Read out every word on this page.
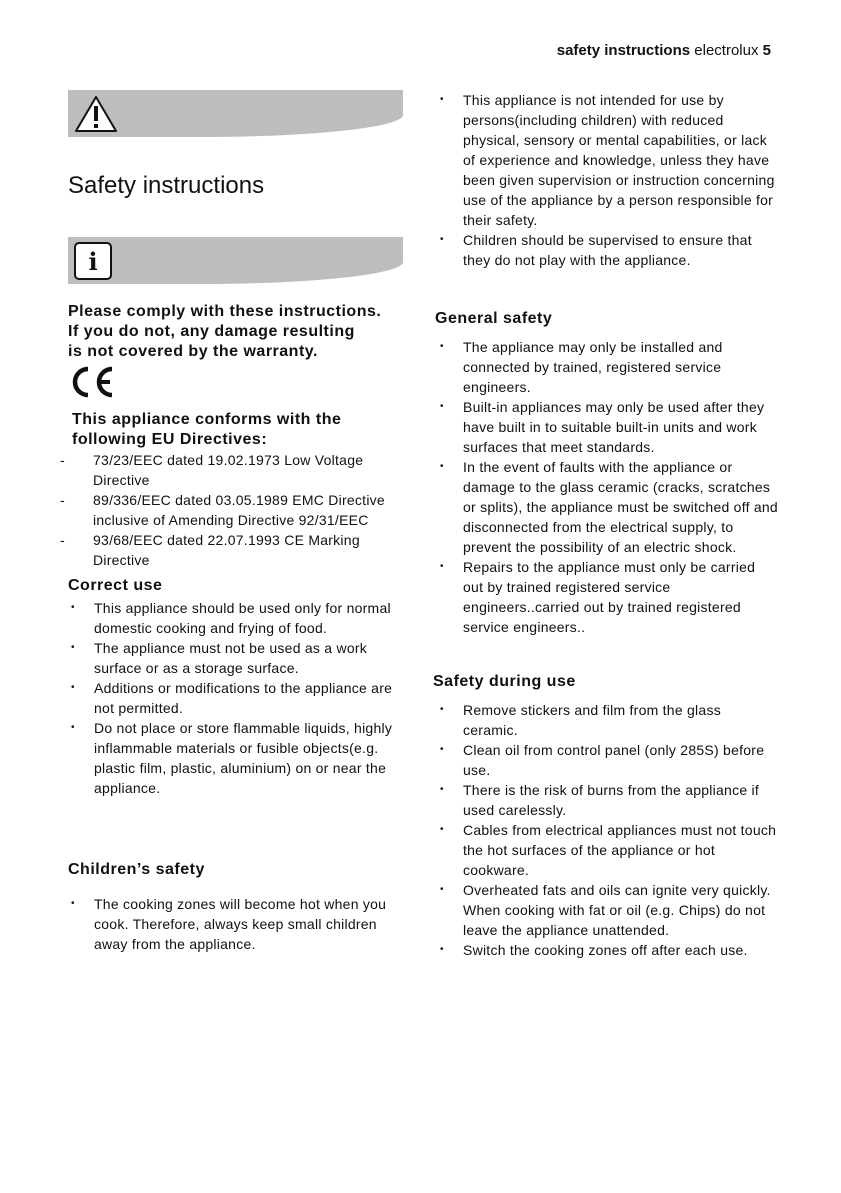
safety instructions electrolux 5
Safety instructions
i
Please comply with these instructions.
If you do not, any damage resulting
is not covered by the warranty.
This appliance conforms with the
following EU Directives:
- 73/23/EEC dated 19.02.1973 Low Voltage Directive
- 89/336/EEC dated 03.05.1989 EMC Directive inclusive of Amending Directive 92/31/EEC
- 93/68/EEC dated 22.07.1993 CE Marking Directive
Correct use
• This appliance should be used only for normal domestic cooking and frying of food.
• The appliance must not be used as a work surface or as a storage surface.
• Additions or modifications to the appliance are not permitted.
• Do not place or store flammable liquids, highly inflammable materials or fusible objects(e.g. plastic film, plastic, aluminium) on or near the appliance.
Children’s safety
• The cooking zones will become hot when you cook. Therefore, always keep small children away from the appliance.
• This appliance is not intended for use by persons(including children) with reduced physical, sensory or mental capabilities, or lack of experience and knowledge, unless they have been given supervision or instruction concerning use of the appliance by a person responsible for their safety.
• Children should be supervised to ensure that they do not play with the appliance.
General safety
• The appliance may only be installed and connected by trained, registered service engineers.
• Built-in appliances may only be used after they have built in to suitable built-in units and work surfaces that meet standards.
• In the event of faults with the appliance or damage to the glass ceramic (cracks, scratches or splits), the appliance must be switched off and disconnected from the electrical supply, to prevent the possibility of an electric shock.
• Repairs to the appliance must only be carried out by trained registered service engineers..carried out by trained registered service engineers..
Safety during use
• Remove stickers and film from the glass ceramic.
• Clean oil from control panel (only 285S) before use.
• There is the risk of burns from the appliance if used carelessly.
• Cables from electrical appliances must not touch the hot surfaces of the appliance or hot cookware.
• Overheated fats and oils can ignite very quickly. When cooking with fat or oil (e.g. Chips) do not leave the appliance unattended.
• Switch the cooking zones off after each use.
